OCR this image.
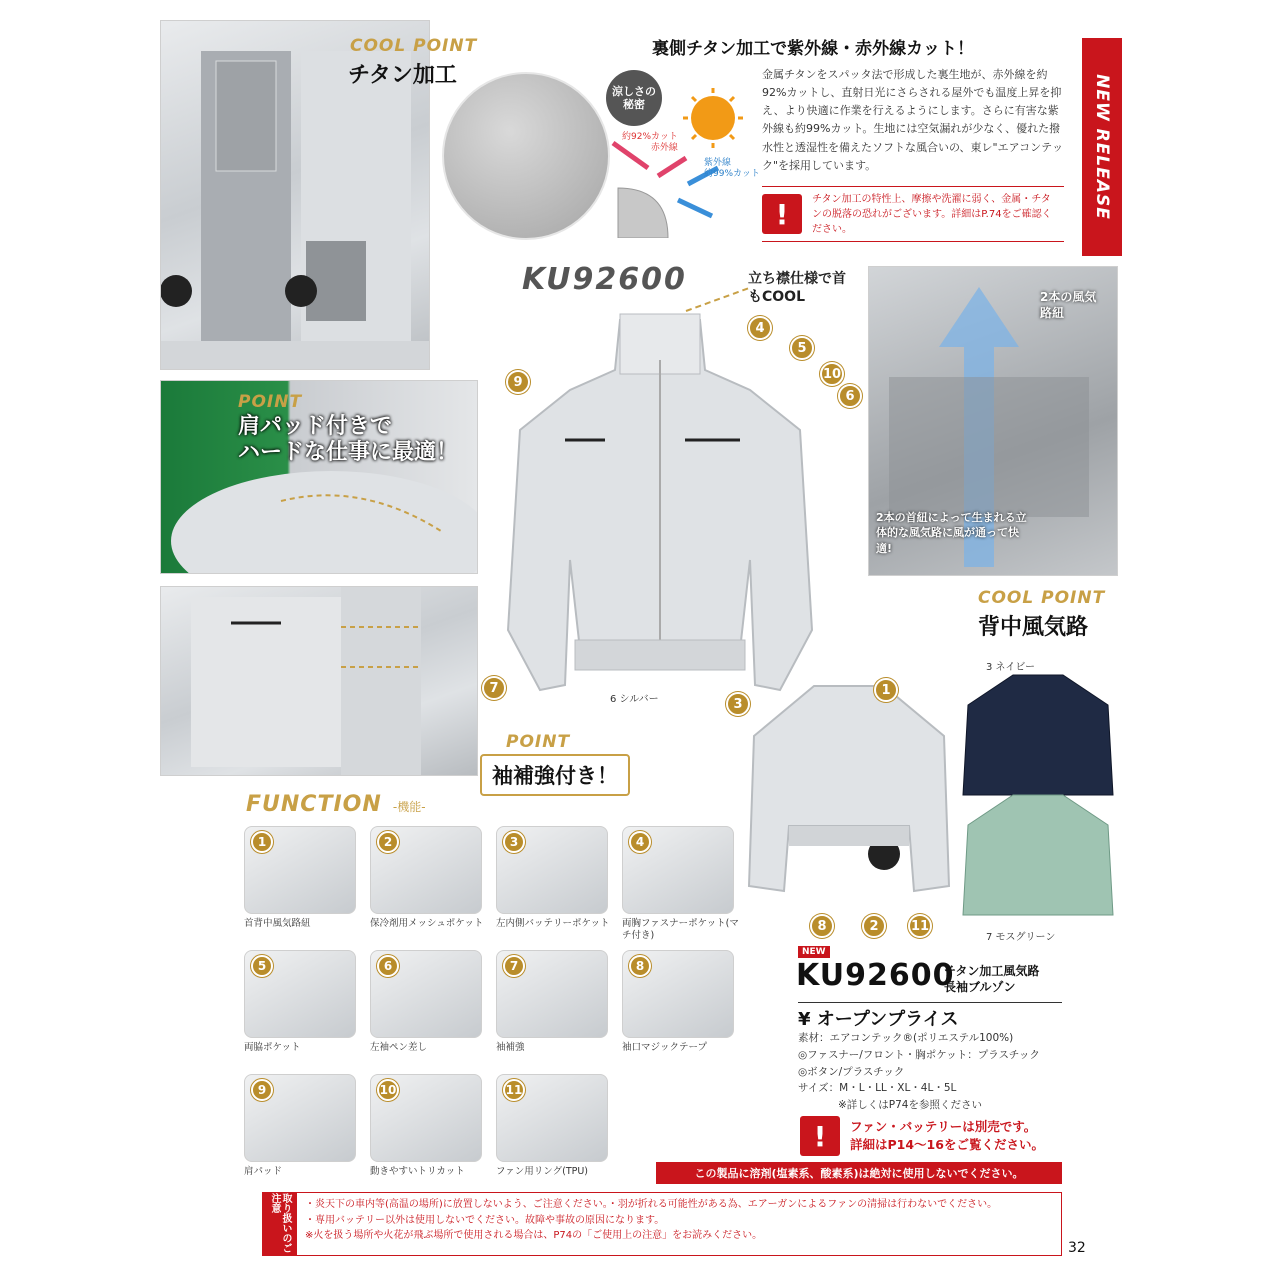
COOL POINT
チタン加工
裏側チタン加工で紫外線・赤外線カット！
涼しさの秘密
約92%カット
赤外線
紫外線
約99%カット
金属チタンをスパッタ法で形成した裏生地が、赤外線を約92%カットし、直射日光にさらされる屋外でも温度上昇を抑え、より快適に作業を行えるようにします。さらに有害な紫外線も約99%カット。生地には空気漏れが少なく、優れた撥水性と透湿性を備えたソフトな風合いの、東レ"エアコンテック"を採用しています。
!	チタン加工の特性上、摩擦や洗濯に弱く、金属・チタンの脱落の恐れがございます。詳細はP.74をご確認ください。
NEW RELEASE
KU92600	立ち襟仕様で首もCOOL
9
4
5
10
6
7
3
6 シルバー
2本の風気路紐
2本の首紐によって生まれる立体的な風気路に風が通って快適!
COOL POINT
背中風気路
POINT
肩パッド付きで
ハードな仕事に最適！
POINT
袖補強付き！
1
8	2	11
3 ネイビー
7 モスグリーン
FUNCTION -機能-
1
首背中風気路紐
2
保冷剤用メッシュポケット
3
左内側バッテリーポケット
4
両胸ファスナーポケット(マチ付き)
5
両脇ポケット
6
左袖ペン差し
7
袖補強
8
袖口マジックテープ
9
肩パッド
10
動きやすいトリカット
11
ファン用リング(TPU)
NEW
KU92600
チタン加工風気路
長袖ブルゾン
¥ オープンプライス
素材：エアコンテック®(ポリエステル100%)
◎ファスナー/フロント・胸ポケット：プラスチック
◎ボタン/プラスチック
サイズ：M・L・LL・XL・4L・5L
※詳しくはP74を参照ください
!	ファン・バッテリーは別売です。
詳細はP14〜16をご覧ください。
この製品に溶剤(塩素系、酸素系)は絶対に使用しないでください。
取り扱いのご注意	・炎天下の車内等(高温の場所)に放置しないよう、ご注意ください。・羽が折れる可能性がある為、エアーガンによるファンの清掃は行わないでください。
・専用バッテリー以外は使用しないでください。故障や事故の原因になります。
※火を扱う場所や火花が飛ぶ場所で使用される場合は、P74の「ご使用上の注意」をお読みください。
32
